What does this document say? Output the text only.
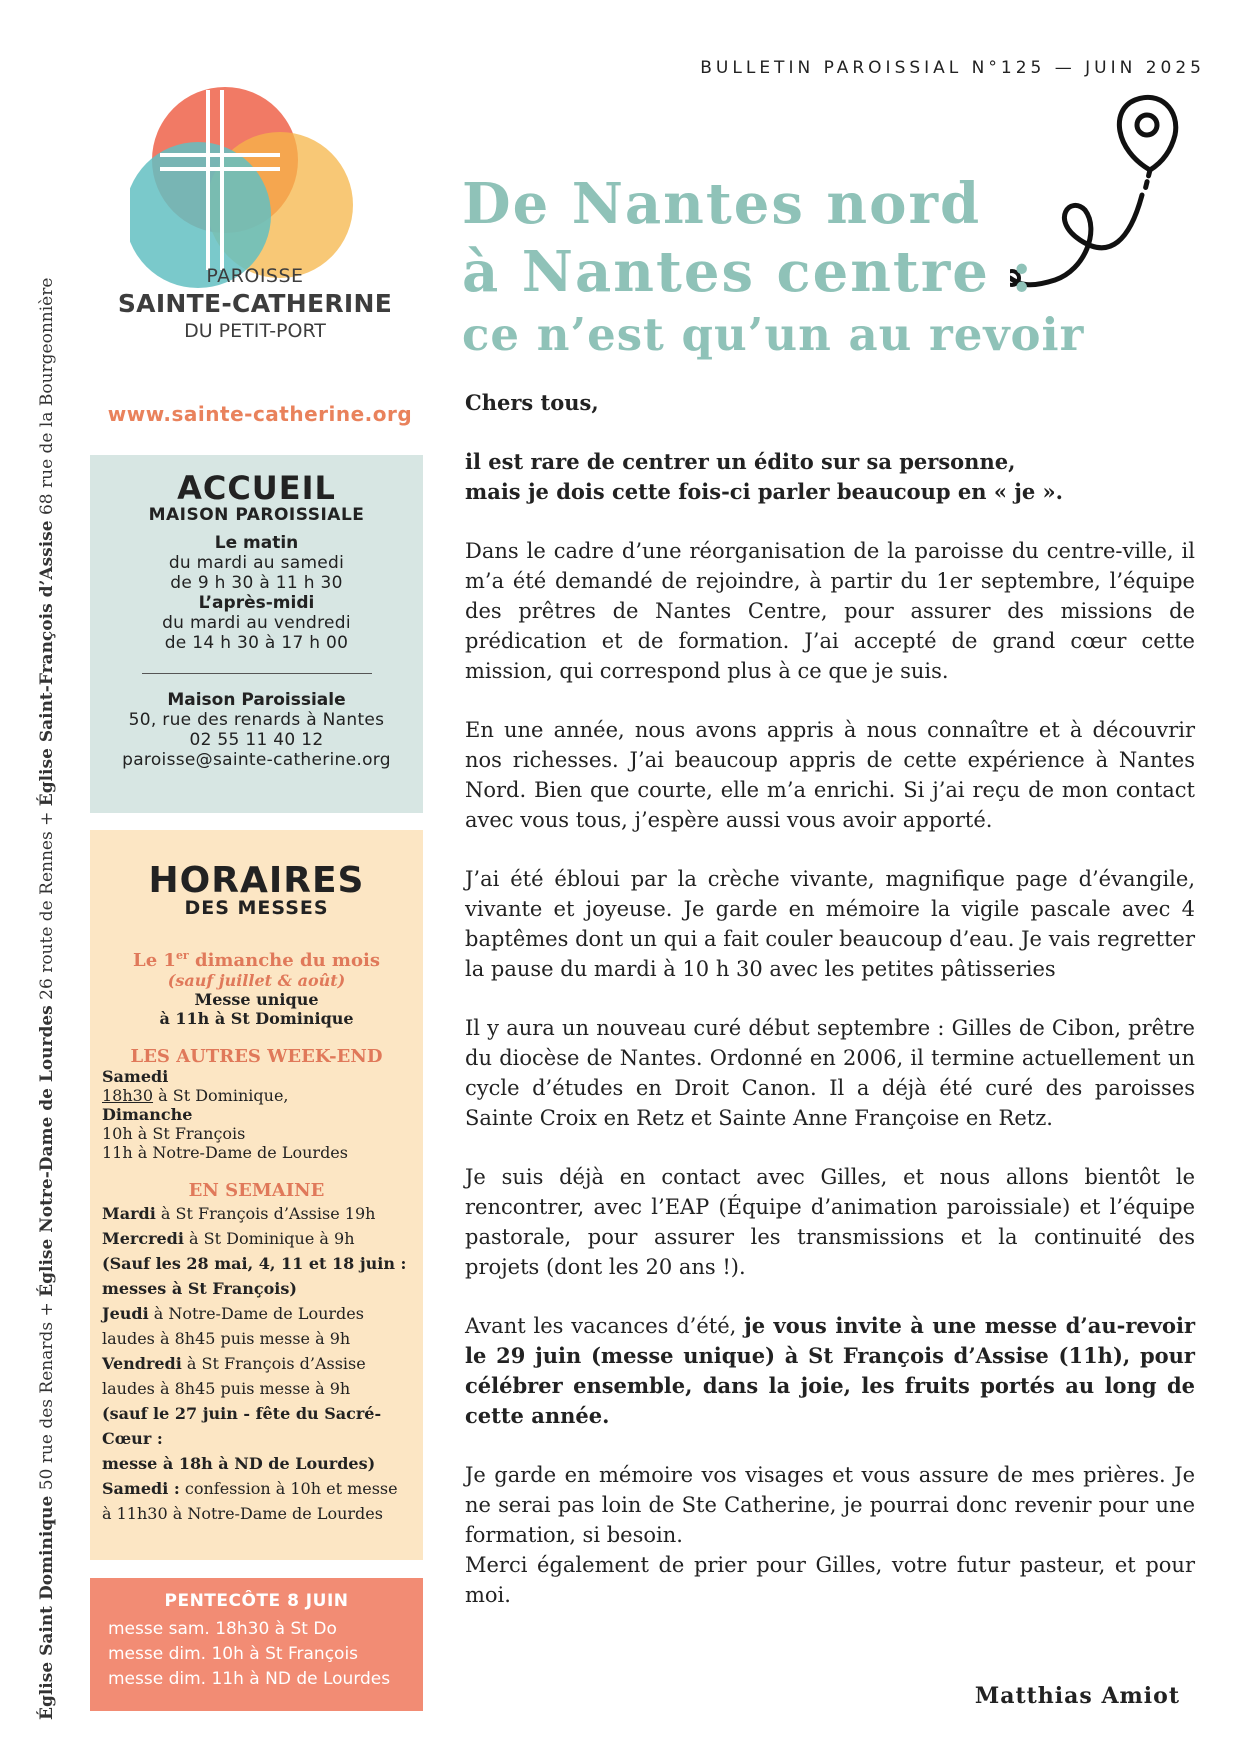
Église Saint Dominique 50 rue des Renards + Église Notre-Dame de Lourdes 26 route de Rennes + Église Saint-François d’Assise 68 rue de la Bourgeonnière
PAROISSE
SAINTE-CATHERINE
DU PETIT-PORT
www.sainte-catherine.org
ACCUEIL
MAISON PAROISSIALE
Le matin
du mardi au samedi
de 9 h 30 à 11 h 30
L’après-midi
du mardi au vendredi
de 14 h 30 à 17 h 00
Maison Paroissiale
50, rue des renards à Nantes
02 55 11 40 12
paroisse@sainte-catherine.org
HORAIRES
DES MESSES
Le 1er dimanche du mois
(sauf juillet & août)
Messe unique
à 11h à St Dominique
LES AUTRES WEEK-END
Samedi
18h30 à St Dominique,
Dimanche
10h à St François
11h à Notre-Dame de Lourdes
EN SEMAINE
Mardi à St François d’Assise 19h
Mercredi à St Dominique à 9h
(Sauf les 28 mai, 4, 11 et 18 juin :
messes à St François)
Jeudi à Notre-Dame de Lourdes
laudes à 8h45 puis messe à 9h
Vendredi à St François d’Assise
laudes à 8h45 puis messe à 9h
(sauf le 27 juin - fête du Sacré-Cœur :
messe à 18h à ND de Lourdes)
Samedi : confession à 10h et messe
à 11h30 à Notre-Dame de Lourdes
PENTECÔTE 8 JUIN
messe sam. 18h30 à St Do
messe dim. 10h à St François
messe dim. 11h à ND de Lourdes
BULLETIN PAROISSIAL N°125 — JUIN 2025
De Nantes nord
à Nantes centre :
ce n’est qu’un au revoir

Chers tous,

il est rare de centrer un édito sur sa personne,

mais je dois cette fois-ci parler beaucoup en « je ».

Dans le cadre d’une réorganisation de la paroisse du centre-ville, il m’a été demandé de rejoindre, à partir du 1er septembre, l’équipe des prêtres de Nantes Centre, pour assurer des missions de prédication et de formation. J’ai accepté de grand cœur cette mission, qui correspond plus à ce que je suis.

En une année, nous avons appris à nous connaître et à découvrir nos richesses. J’ai beaucoup appris de cette expérience à Nantes Nord. Bien que courte, elle m’a enrichi. Si j’ai reçu de mon contact avec vous tous, j’espère aussi vous avoir apporté.

J’ai été ébloui par la crèche vivante, magnifique page d’évangile, vivante et joyeuse. Je garde en mémoire la vigile pascale avec 4 baptêmes dont un qui a fait couler beaucoup d’eau. Je vais regretter la pause du mardi à 10 h 30 avec les petites pâtisseries

Il y aura un nouveau curé début septembre : Gilles de Cibon, prêtre du diocèse de Nantes. Ordonné en 2006, il termine actuellement un cycle d’études en Droit Canon. Il a déjà été curé des paroisses Sainte Croix en Retz et Sainte Anne Françoise en Retz.

Je suis déjà en contact avec Gilles, et nous allons bientôt le rencontrer, avec l’EAP (Équipe d’animation paroissiale) et l’équipe pastorale, pour assurer les transmissions et la continuité des projets (dont les 20 ans !).

Avant les vacances d’été, je vous invite à une messe d’au-revoir le 29 juin (messe unique) à St François d’Assise (11h), pour célébrer ensemble, dans la joie, les fruits portés au long de cette année.

Je garde en mémoire vos visages et vous assure de mes prières. Je ne serai pas loin de Ste Catherine, je pourrai donc revenir pour une formation, si besoin.

Merci également de prier pour Gilles, votre futur pasteur, et pour moi.

Matthias Amiot
